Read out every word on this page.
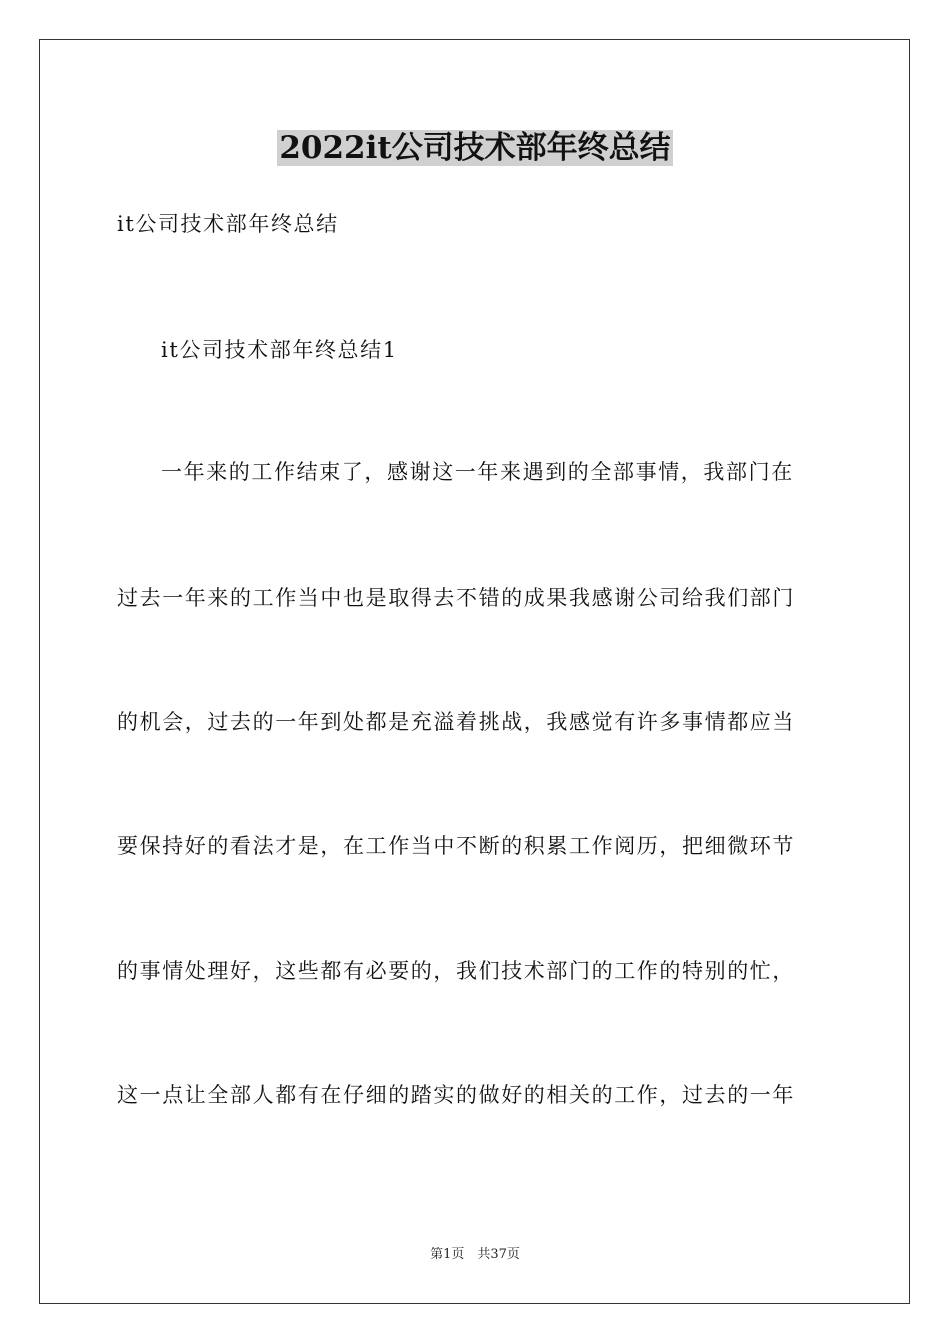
2022it公司技术部年终总结
it公司技术部年终总结
it公司技术部年终总结1
一年来的工作结束了，感谢这一年来遇到的全部事情，我部门在
过去一年来的工作当中也是取得去不错的成果我感谢公司给我们部门
的机会，过去的一年到处都是充溢着挑战，我感觉有许多事情都应当
要保持好的看法才是，在工作当中不断的积累工作阅历，把细微环节
的事情处理好，这些都有必要的，我们技术部门的工作的特别的忙，
这一点让全部人都有在仔细的踏实的做好的相关的工作，过去的一年
第1页　共37页
